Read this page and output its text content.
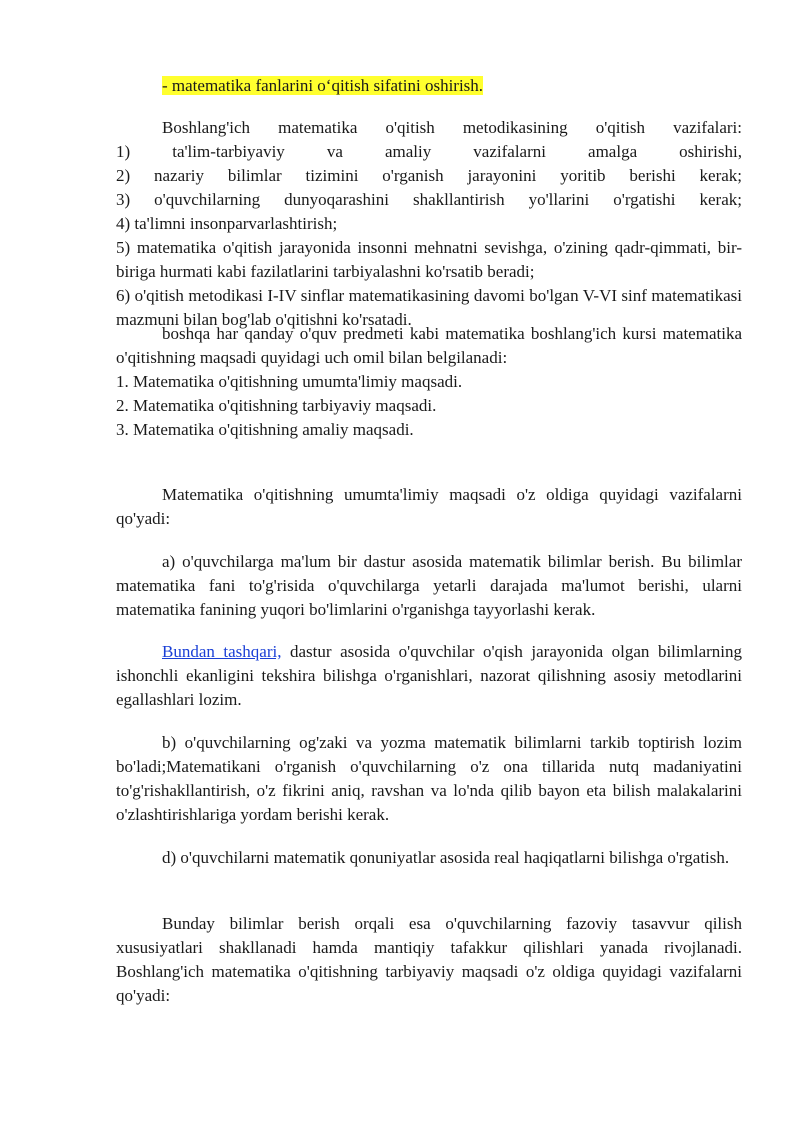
- matematika fanlarini o‘qitish sifatini oshirish.
Boshlang'ich matematika o'qitish metodikasining o'qitish vazifalari:
1) ta'lim-tarbiyaviy va amaliy vazifalarni amalga oshirishi,
2) nazariy bilimlar tizimini o'rganish jarayonini yoritib berishi kerak;
3) o'quvchilarning dunyoqarashini shakllantirish yo'llarini o'rgatishi kerak;
4) ta'limni insonparvarlashtirish;

5) matematika o'qitish jarayonida insonni mehnatni sevishga, o'zining qadr-qimmati, bir-biriga hurmati kabi fazilatlarini tarbiyalashni ko'rsatib beradi;

6) o'qitish metodikasi I-IV sinflar matematikasining davomi bo'lgan V-VI sinf matematikasi mazmuni bilan bog'lab o'qitishni ko'rsatadi.

boshqa har qanday o'quv predmeti kabi matematika boshlang'ich kursi matematika o'qitishning maqsadi quyidagi uch omil bilan belgilanadi:

1. Matematika o'qitishning umumta'limiy maqsadi.

2. Matematika o'qitishning tarbiyaviy maqsadi.

3. Matematika o'qitishning amaliy maqsadi.

Matematika o'qitishning umumta'limiy maqsadi o'z oldiga quyidagi vazifalarni qo'yadi:

a) o'quvchilarga ma'lum bir dastur asosida matematik bilimlar berish. Bu bilimlar matematika fani to'g'risida o'quvchilarga yetarli darajada ma'lumot berishi, ularni matematika fanining yuqori bo'limlarini o'rganishga tayyorlashi kerak.

Bundan tashqari, dastur asosida o'quvchilar o'qish jarayonida olgan bilimlarning ishonchli ekanligini tekshira bilishga o'rganishlari, nazorat qilishning asosiy metodlarini egallashlari lozim.

b) o'quvchilarning og'zaki va yozma matematik bilimlarni tarkib toptirish lozim bo'ladi;Matematikani o'rganish o'quvchilarning o'z ona tillarida nutq madaniyatini to'g'rishakllantirish, o'z fikrini aniq, ravshan va lo'nda qilib bayon eta bilish malakalarini o'zlashtirishlariga yordam berishi kerak.

d) o'quvchilarni matematik qonuniyatlar asosida real haqiqatlarni bilishga o'rgatish.

Bunday bilimlar berish orqali esa o'quvchilarning fazoviy tasavvur qilish xususiyatlari shakllanadi hamda mantiqiy tafakkur qilishlari yanada rivojlanadi. Boshlang'ich matematika o'qitishning tarbiyaviy maqsadi o'z oldiga quyidagi vazifalarni qo'yadi:
